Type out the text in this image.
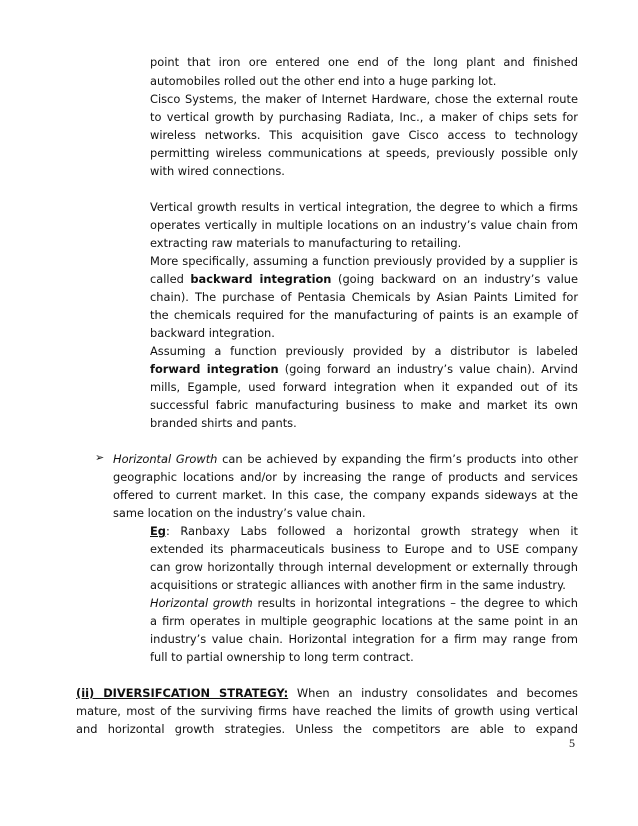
point that iron ore entered one end of the long plant and finished
automobiles rolled out the other end into a huge parking lot.
Cisco Systems, the maker of Internet Hardware, chose the external route
to vertical growth by purchasing Radiata, Inc., a maker of chips sets for
wireless networks. This acquisition gave Cisco access to technology
permitting wireless communications at speeds, previously possible only
with wired connections.
Vertical growth results in vertical integration, the degree to which a firms
operates vertically in multiple locations on an industry’s value chain from
extracting raw materials to manufacturing to retailing.
More specifically, assuming a function previously provided by a supplier is
called backward integration (going backward on an industry’s value
chain). The purchase of Pentasia Chemicals by Asian Paints Limited for
the chemicals required for the manufacturing of paints is an example of
backward integration.
Assuming a function previously provided by a distributor is labeled
forward integration (going forward an industry’s value chain). Arvind
mills, Egample, used forward integration when it expanded out of its
successful fabric manufacturing business to make and market its own
branded shirts and pants.
➢ Horizontal Growth can be achieved by expanding the firm’s products into other
geographic locations and/or by increasing the range of products and services
offered to current market. In this case, the company expands sideways at the
same location on the industry’s value chain.
Eg: Ranbaxy Labs followed a horizontal growth strategy when it
extended its pharmaceuticals business to Europe and to USE company
can grow horizontally through internal development or externally through
acquisitions or strategic alliances with another firm in the same industry.
Horizontal growth results in horizontal integrations – the degree to which
a firm operates in multiple geographic locations at the same point in an
industry’s value chain. Horizontal integration for a firm may range from
full to partial ownership to long term contract.
(ii) DIVERSIFCATION STRATEGY: When an industry consolidates and becomes
mature, most of the surviving firms have reached the limits of growth using vertical
and horizontal growth strategies. Unless the competitors are able to expand
5
